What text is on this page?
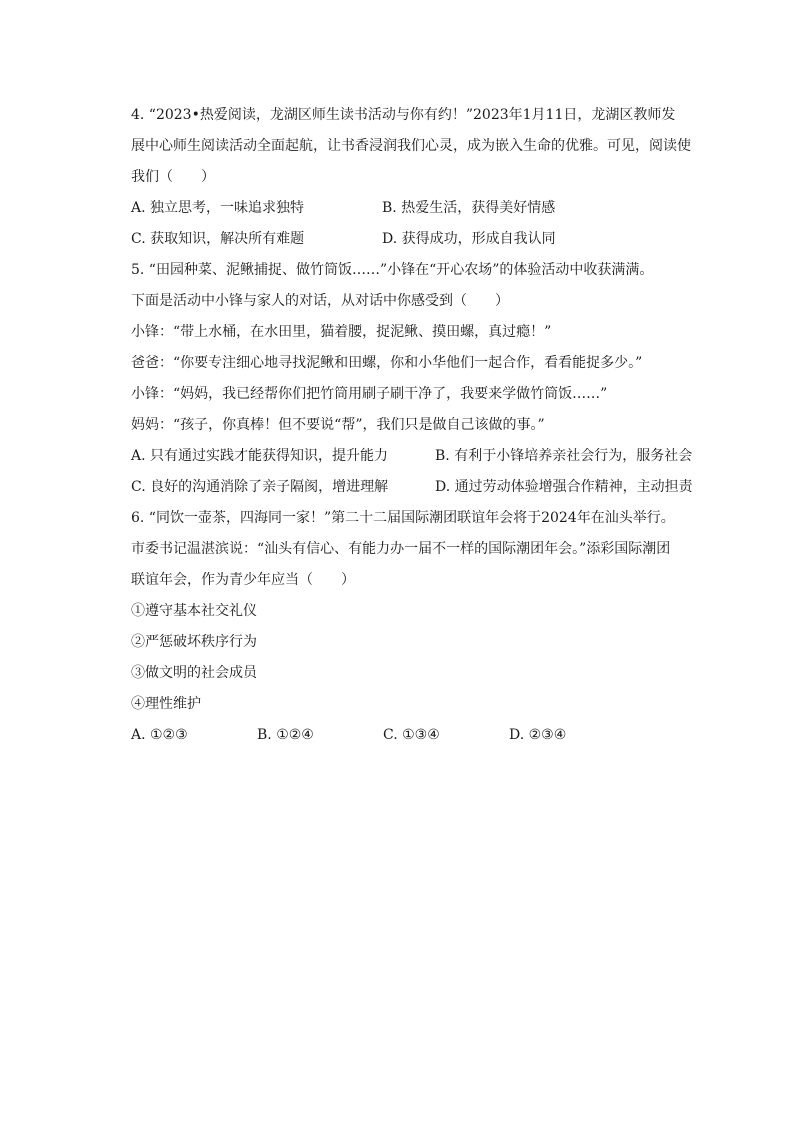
4. “2023•热爱阅读，龙湖区师生读书活动与你有约！”2023年1月11日，龙湖区教师发
展中心师生阅读活动全面起航，让书香浸润我们心灵，成为嵌入生命的优雅。可见，阅读使
我们（　　）
A. 独立思考，一味追求独特	B. 热爱生活，获得美好情感
C. 获取知识，解决所有难题	D. 获得成功，形成自我认同
5. “田园种菜、泥鳅捕捉、做竹筒饭……”小锋在“开心农场”的体验活动中收获满满。
下面是活动中小锋与家人的对话，从对话中你感受到（　　）
小锋：“带上水桶，在水田里，猫着腰，捉泥鳅、摸田螺，真过瘾！”
爸爸：“你要专注细心地寻找泥鳅和田螺，你和小华他们一起合作，看看能捉多少。”
小锋：“妈妈，我已经帮你们把竹筒用刷子刷干净了，我要来学做竹筒饭……”
妈妈：“孩子，你真棒！但不要说“帮”，我们只是做自己该做的事。”
A. 只有通过实践才能获得知识，提升能力	B. 有利于小锋培养亲社会行为，服务社会
C. 良好的沟通消除了亲子隔阂，增进理解	D. 通过劳动体验增强合作精神，主动担责
6. “同饮一壶茶，四海同一家！”第二十二届国际潮团联谊年会将于2024年在汕头举行。
市委书记温湛滨说：“汕头有信心、有能力办一届不一样的国际潮团年会。”添彩国际潮团
联谊年会，作为青少年应当（　　）
①遵守基本社交礼仪
②严惩破坏秩序行为
③做文明的社会成员
④理性维护
A. ①②③	B. ①②④	C. ①③④	D. ②③④
